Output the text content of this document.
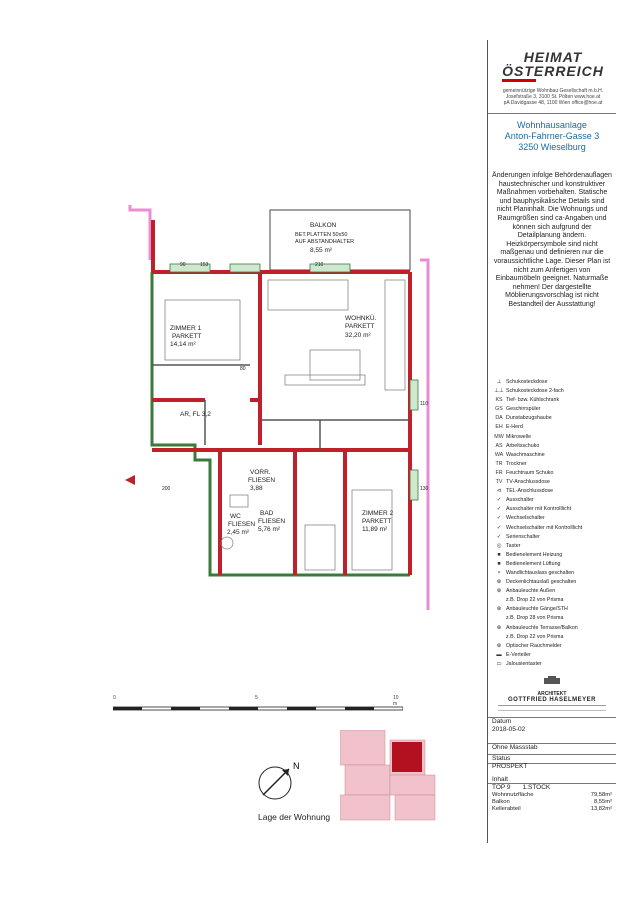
HEIMAT
ÖSTERREICH
gemeinnützige Wohnbau Gesellschaft m.b.H.
Josefstraße 3, 3100 St. Pölten www.hoe.at
pA Davidgasse 48, 1100 Wien office@hoe.at
Wohnhausanlage
Anton-Fahrner-Gasse 3
3250 Wieselburg
Änderungen infolge Behördenauflagen haustechnischer und konstruktiver Maßnahmen vorbehalten. Statische und bauphysikalische Details sind nicht Planinhalt. Die Wohnungs und Raumgrößen sind ca-Angaben und können sich aufgrund der Detailplanung ändern. Heizkörpersymbole sind nicht maßgenau und definieren nur die voraussichtliche Lage. Dieser Plan ist nicht zum Anfertigen von Einbaumöbeln geeignet. Naturmaße nehmen! Der dargestellte Möblierungsvorschlag ist nicht Bestandteil der Ausstattung!
⊥ Schukosteckdose
⊥⊥ Schukosteckdose 2-fach
KS Tief- bzw. Kühlschrank
GS Geschirrspüler
DA Dunstabzugshaube
EH E-Herd
MW Mikrowelle
AS Arbeitsschuko
WA Waschmaschine
TR Trockner
FR Feuchtraum Schuko
TV TV-Anschlussdose
⊲ TEL-Anschlussdose
✓ Ausschalter
✓ Ausschalter mit Kontrolllicht
✓ Wechselschalter
✓ Wechselschalter mit Kontrolllicht
✓ Serienschalter
◎ Taster
■	Bedienelement Heizung
■	Bedienelement Lüftung
×	Wandlichtauslass geschalten
⊗ Deckenlichtauslaß geschalten
⊗ Anbauleuchte Außen
z.B. Drop 22 von Prisma
⊗ Anbauleuchte Gänge/STH
z.B. Drop 28 von Prisma
⊗ Anbauleuchte Terrasse/Balkon
z.B. Drop 22 von Prisma
⊗ Optischer Rauchmelder
▬ E-Verteiler
▭ Jalousientaster
ARCHITEKT
GOTTFRIED HASELMEYER
Datum
2018-05-02
Ohne Massstab
Status
PROSPEKT
Inhalt
TOP 9 1.STOCK
Wohnnutzfläche	79,58m²
Balkon	8,55m²
Kellerabteil	13,82m²
90	153	210
110
130
80
200
BALKON
BET.PLATTEN 50x50
AUF ABSTANDHALTER
8,55 m²
WOHNKÜ.
PARKETT
32,20 m²
ZIMMER 1
PARKETT
14,14 m²
AR, FL 3,2
VORR.
FLIESEN
3,88
BAD
FLIESEN
5,76 m²
WC
FLIESEN
2,45 m²
ZIMMER 2
PARKETT
11,89 m²
0	5	10 m
N
Lage der Wohnung
